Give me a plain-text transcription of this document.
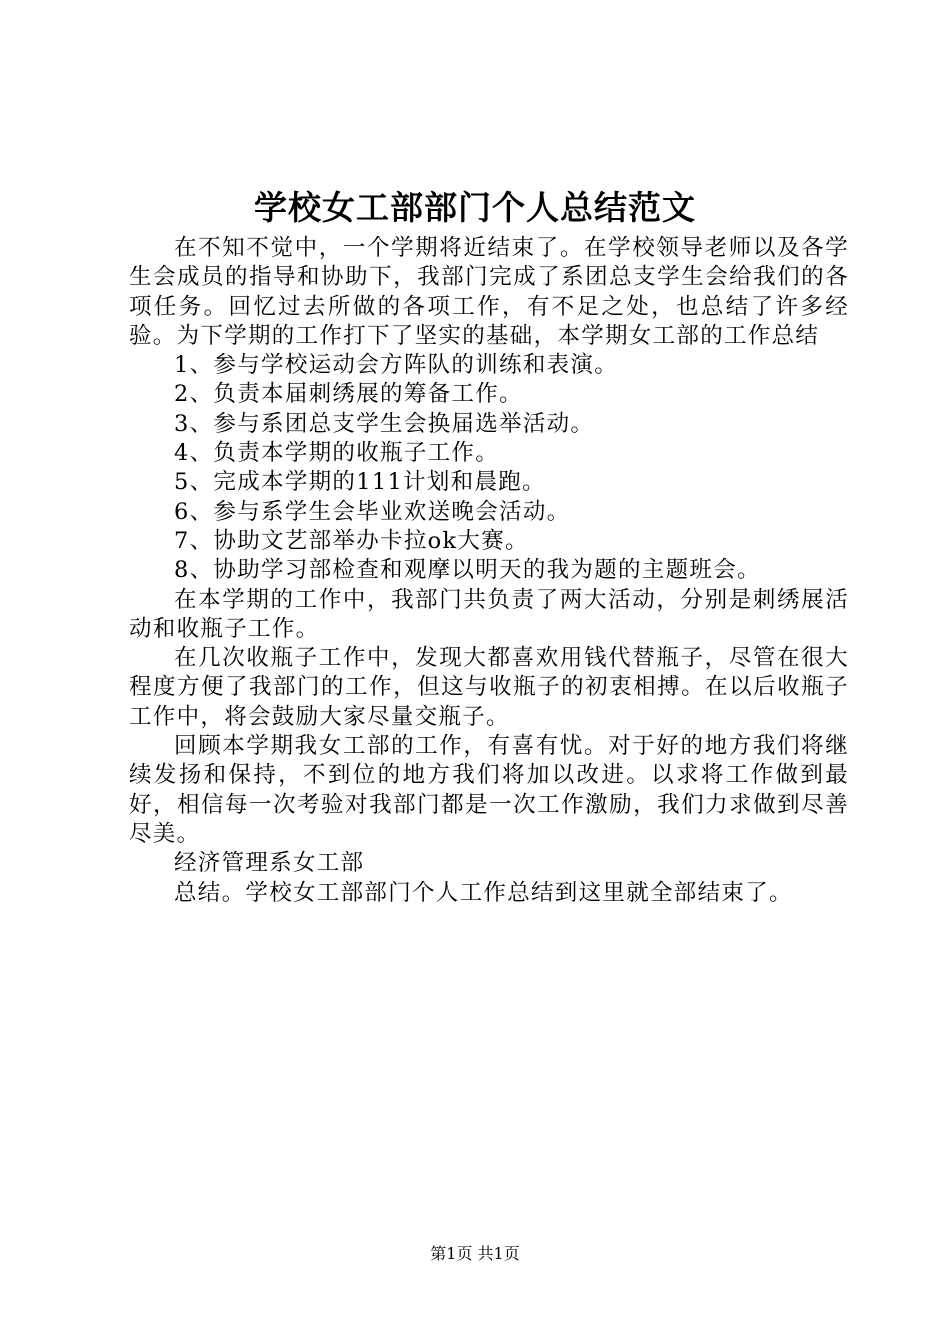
学校女工部部门个人总结范文

在不知不觉中，一个学期将近结束了。在学校领导老师以及各学生会成员的指导和协助下，我部门完成了系团总支学生会给我们的各项任务。回忆过去所做的各项工作，有不足之处，也总结了许多经验。为下学期的工作打下了坚实的基础，本学期女工部的工作总结

1、参与学校运动会方阵队的训练和表演。

2、负责本届刺绣展的筹备工作。

3、参与系团总支学生会换届选举活动。

4、负责本学期的收瓶子工作。

5、完成本学期的111计划和晨跑。

6、参与系学生会毕业欢送晚会活动。

7、协助文艺部举办卡拉ok大赛。

8、协助学习部检查和观摩以明天的我为题的主题班会。

在本学期的工作中，我部门共负责了两大活动，分别是刺绣展活动和收瓶子工作。

在几次收瓶子工作中，发现大都喜欢用钱代替瓶子，尽管在很大程度方便了我部门的工作，但这与收瓶子的初衷相搏。在以后收瓶子工作中，将会鼓励大家尽量交瓶子。

回顾本学期我女工部的工作，有喜有忧。对于好的地方我们将继续发扬和保持，不到位的地方我们将加以改进。以求将工作做到最好，相信每一次考验对我部门都是一次工作激励，我们力求做到尽善尽美。

经济管理系女工部

总结。学校女工部部门个人工作总结到这里就全部结束了。

第1页 共1页
